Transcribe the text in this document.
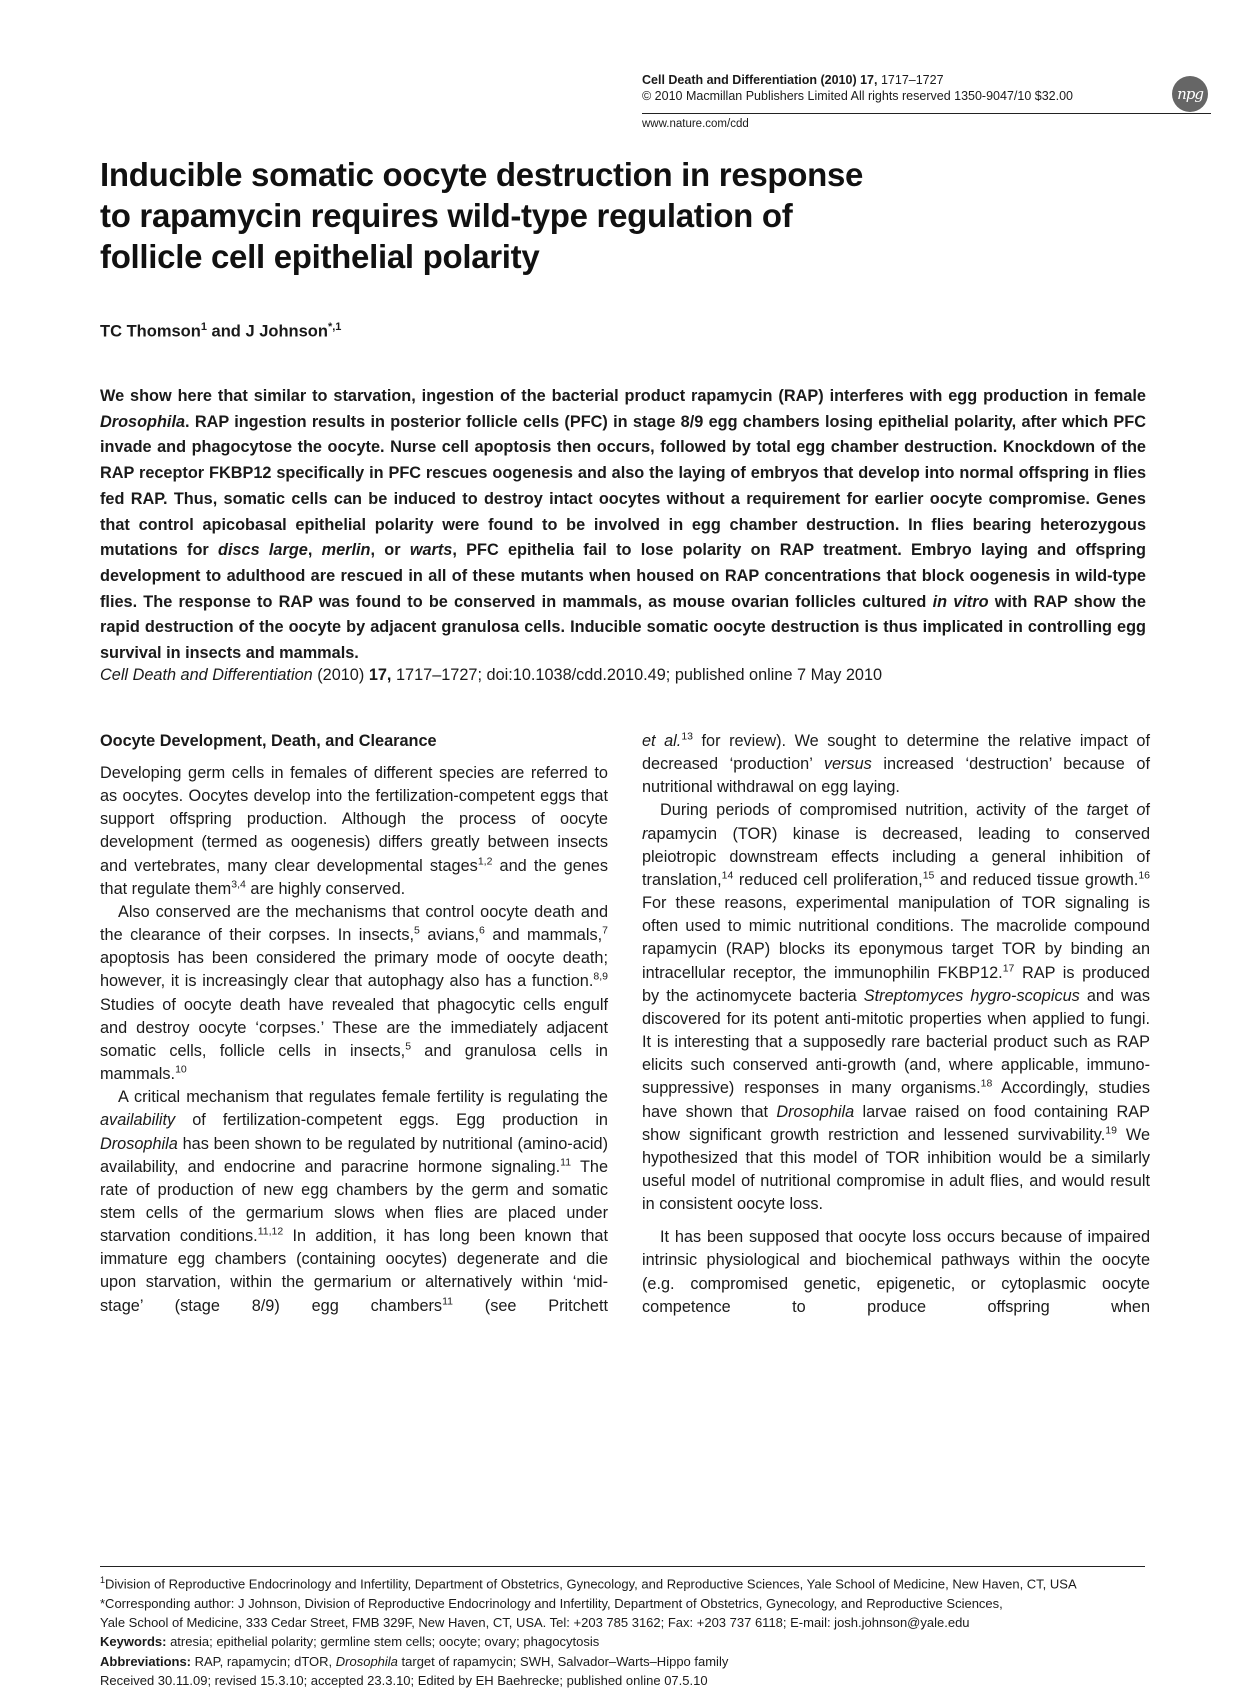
Cell Death and Differentiation (2010) 17, 1717–1727
© 2010 Macmillan Publishers Limited All rights reserved 1350-9047/10 $32.00
www.nature.com/cdd
npg
Inducible somatic oocyte destruction in response
to rapamycin requires wild-type regulation of
follicle cell epithelial polarity
TC Thomson$^1$ and J Johnson$^{*,1}$
We show here that similar to starvation, ingestion of the bacterial product rapamycin (RAP) interferes with egg production in female Drosophila. RAP ingestion results in posterior follicle cells (PFC) in stage 8/9 egg chambers losing epithelial polarity, after which PFC invade and phagocytose the oocyte. Nurse cell apoptosis then occurs, followed by total egg chamber destruction. Knockdown of the RAP receptor FKBP12 specifically in PFC rescues oogenesis and also the laying of embryos that develop into normal offspring in flies fed RAP. Thus, somatic cells can be induced to destroy intact oocytes without a requirement for earlier oocyte compromise. Genes that control apicobasal epithelial polarity were found to be involved in egg chamber destruction. In flies bearing heterozygous mutations for discs large, merlin, or warts, PFC epithelia fail to lose polarity on RAP treatment. Embryo laying and offspring development to adulthood are rescued in all of these mutants when housed on RAP concentrations that block oogenesis in wild-type flies. The response to RAP was found to be conserved in mammals, as mouse ovarian follicles cultured in vitro with RAP show the rapid destruction of the oocyte by adjacent granulosa cells. Inducible somatic oocyte destruction is thus implicated in controlling egg survival in insects and mammals.
Cell Death and Differentiation (2010) 17, 1717–1727; doi:10.1038/cdd.2010.49; published online 7 May 2010

Oocyte Development, Death, and Clearance

Developing germ cells in females of different species are referred to as oocytes. Oocytes develop into the fertilization-competent eggs that support offspring production. Although the process of oocyte development (termed as oogenesis) differs greatly between insects and vertebrates, many clear developmental stages$^{1,2}$ and the genes that regulate them$^{3,4}$ are highly conserved.

Also conserved are the mechanisms that control oocyte death and the clearance of their corpses. In insects,$^5$ avians,$^6$ and mammals,$^7$ apoptosis has been considered the primary mode of oocyte death; however, it is increasingly clear that autophagy also has a function.$^{8,9}$ Studies of oocyte death have revealed that phagocytic cells engulf and destroy oocyte ‘corpses.’ These are the immediately adjacent somatic cells, follicle cells in insects,$^5$ and granulosa cells in mammals.$^{10}$

A critical mechanism that regulates female fertility is regulating the availability of fertilization-competent eggs. Egg production in Drosophila has been shown to be regulated by nutritional (amino-acid) availability, and endocrine and paracrine hormone signaling.$^{11}$ The rate of production of new egg chambers by the germ and somatic stem cells of the germarium slows when flies are placed under starvation conditions.$^{11,12}$ In addition, it has long been known that immature egg chambers (containing oocytes) degenerate and die upon starvation, within the germarium or alternatively within ‘mid-stage’ (stage 8/9) egg chambers$^{11}$ (see Pritchett

et al.$^{13}$ for review). We sought to determine the relative impact of decreased ‘production’ versus increased ‘destruction’ because of nutritional withdrawal on egg laying.

During periods of compromised nutrition, activity of the target of rapamycin (TOR) kinase is decreased, leading to conserved pleiotropic downstream effects including a general inhibition of translation,$^{14}$ reduced cell proliferation,$^{15}$ and reduced tissue growth.$^{16}$ For these reasons, experimental manipulation of TOR signaling is often used to mimic nutritional conditions. The macrolide compound rapamycin (RAP) blocks its eponymous target TOR by binding an intracellular receptor, the immunophilin FKBP12.17 RAP is produced by the actinomycete bacteria Streptomyces hygro-scopicus and was discovered for its potent anti-mitotic properties when applied to fungi. It is interesting that a supposedly rare bacterial product such as RAP elicits such conserved anti-growth (and, where applicable, immuno-suppressive) responses in many organisms.$^{18}$ Accordingly, studies have shown that Drosophila larvae raised on food containing RAP show significant growth restriction and lessened survivability.$^{19}$ We hypothesized that this model of TOR inhibition would be a similarly useful model of nutritional compromise in adult flies, and would result in consistent oocyte loss.

It has been supposed that oocyte loss occurs because of impaired intrinsic physiological and biochemical pathways within the oocyte (e.g. compromised genetic, epigenetic, or cytoplasmic oocyte competence to produce offspring when

$^1$Division of Reproductive Endocrinology and Infertility, Department of Obstetrics, Gynecology, and Reproductive Sciences, Yale School of Medicine, New Haven, CT, USA

*Corresponding author: J Johnson, Division of Reproductive Endocrinology and Infertility, Department of Obstetrics, Gynecology, and Reproductive Sciences,

Yale School of Medicine, 333 Cedar Street, FMB 329F, New Haven, CT, USA. Tel: +203 785 3162; Fax: +203 737 6118; E-mail: josh.johnson@yale.edu

Keywords: atresia; epithelial polarity; germline stem cells; oocyte; ovary; phagocytosis

Abbreviations: RAP, rapamycin; dTOR, Drosophila target of rapamycin; SWH, Salvador–Warts–Hippo family

Received 30.11.09; revised 15.3.10; accepted 23.3.10; Edited by EH Baehrecke; published online 07.5.10
